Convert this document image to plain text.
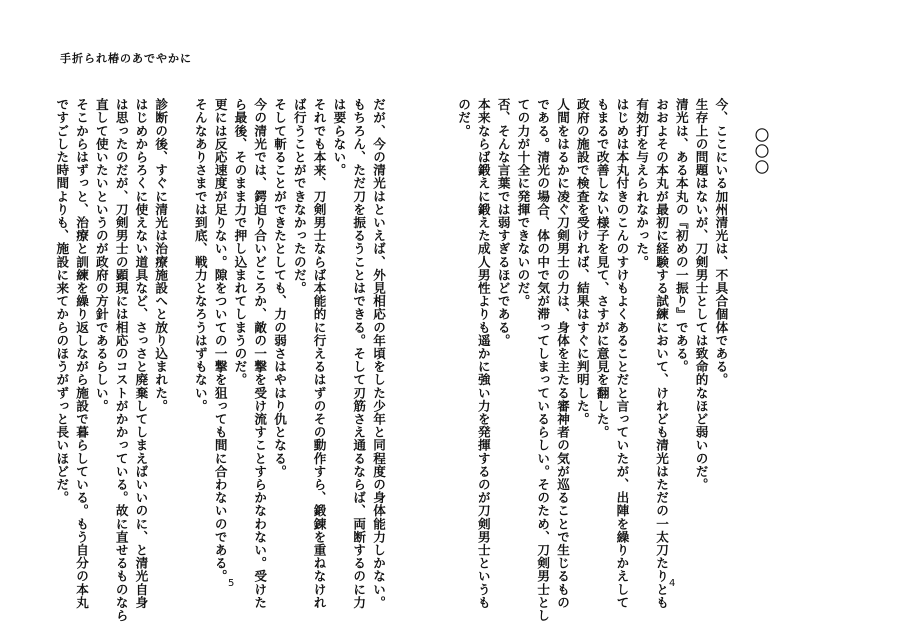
手折られ椿のあでやかに
だが、今の清光はといえば、外見相応の年頃をした少年と同程度の身体能力しかない。
もちろん、ただ刀を振るうことはできる。そして刃筋さえ通るならば、両断するのに力
は要らない。
それでも本来、刀剣男士ならば本能的に行えるはずのその動作すら、鍛錬を重ねなけれ
ば行うことができなかったのだ。
そして斬ることができたとしても、力の弱さはやはり仇となる。
今の清光では、鍔迫り合いどころか、敵の一撃を受け流すことすらかなわない。受けた
ら最後、そのまま力で押し込まれてしまうのだ。
更には反応速度が足りない。隙をついての一撃を狙っても間に合わないのである。
そんなありさまでは到底、戦力となろうはずもない。

診断の後、すぐに清光は治療施設へと放り込まれた。
はじめからろくに使えない道具など、さっさと廃棄してしまえばいいのに、と清光自身
は思ったのだが、刀剣男士の顕現には相応のコストがかかっている。故に直せるものなら
直して使いたいというのが政府の方針であるらしい。
そこからはずっと、治療と訓練を繰り返しながら施設で暮らしている。もう自分の本丸
ですごした時間よりも、施設に来てからのほうがずっと長いほどだ。
5
〇〇〇
今、ここにいる加州清光は、不具合個体である。
生存上の問題はないが、刀剣男士としては致命的なほど弱いのだ。
清光は、ある本丸の『初めの一振り』である。
おおよその本丸が最初に経験する試練において、けれども清光はただの一太刀たりとも
有効打を与えられなかった。
はじめは本丸付きのこんのすけもよくあることだと言っていたが、出陣を繰りかえして
もまるで改善しない様子を見て、さすがに意見を翻した。
政府の施設で検査を受ければ、結果はすぐに判明した。
人間をはるかに凌ぐ刀剣男士の力は、身体を主たる審神者の気が巡ることで生じるもの
である。清光の場合、体の中で気が滞ってしまっているらしい。そのため、刀剣男士とし
ての力が十全に発揮できないのだ。
否、そんな言葉では弱すぎるほどである。
本来ならば鍛えに鍛えた成人男性よりも遥かに強い力を発揮するのが刀剣男士というも
のだ。
4
